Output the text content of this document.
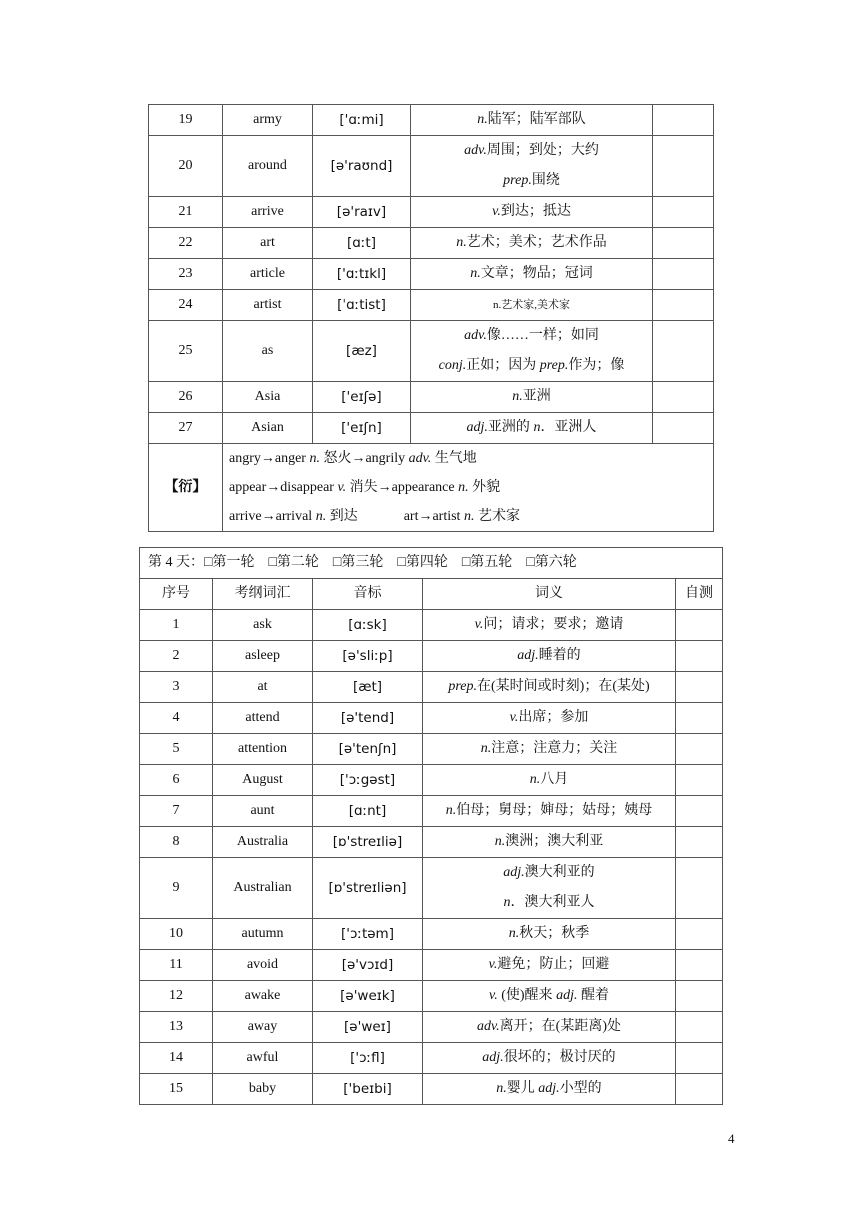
19	army	['ɑːmi]	n.陆军；陆军部队	

20	around	[ə'raʊnd]	adv.周围；到处；大约
prep.围绕	

21	arrive	[ə'raɪv]	v.到达；抵达	

22	art	[ɑːt]	n.艺术；美术；艺术作品	

23	article	['ɑːtɪkl]	n.文章；物品；冠词	

24	artist	[ˈɑːtist]	n.艺术家,美术家	

25	as	[æz]	adv.像……一样；如同
conj.正如；因为 prep.作为；像	

26	Asia	['eɪʃə]	n.亚洲	

27	Asian	['eɪʃn]	adj.亚洲的 n．亚洲人	

【衍】	angry→anger n. 怒火→angrily adv. 生气地
appear→disappear v. 消失→appearance n. 外貌
arrive→arrival n. 到达 art→artist n. 艺术家			
第 4 天：□第一轮　□第二轮　□第三轮　□第四轮　□第五轮　□第六轮				
序号	考纲词汇	音标	词义	自测
1	ask	[ɑːsk]	v.问；请求；要求；邀请	

2	asleep	[ə'sliːp]	adj.睡着的	

3	at	[æt]	prep.在(某时间或时刻)；在(某处)	

4	attend	[ə'tend]	v.出席；参加	

5	attention	[ə'tenʃn]	n.注意；注意力；关注	

6	August	['ɔːgəst]	n.八月	

7	aunt	[ɑːnt]	n.伯母；舅母；婶母；姑母；姨母	

8	Australia	[ɒ'streɪliə]	n.澳洲；澳大利亚	

9	Australian	[ɒ'streɪliən]	adj.澳大利亚的
n．澳大利亚人	

10	autumn	['ɔːtəm]	n.秋天；秋季	

11	avoid	[ə'vɔɪd]	v.避免；防止；回避	

12	awake	[ə'weɪk]	v. (使)醒来 adj. 醒着	

13	away	[ə'weɪ]	adv.离开；在(某距离)处	

14	awful	['ɔːfl]	adj.很坏的；极讨厌的	

15	baby	['beɪbi]	n.婴儿 adj.小型的	

4
